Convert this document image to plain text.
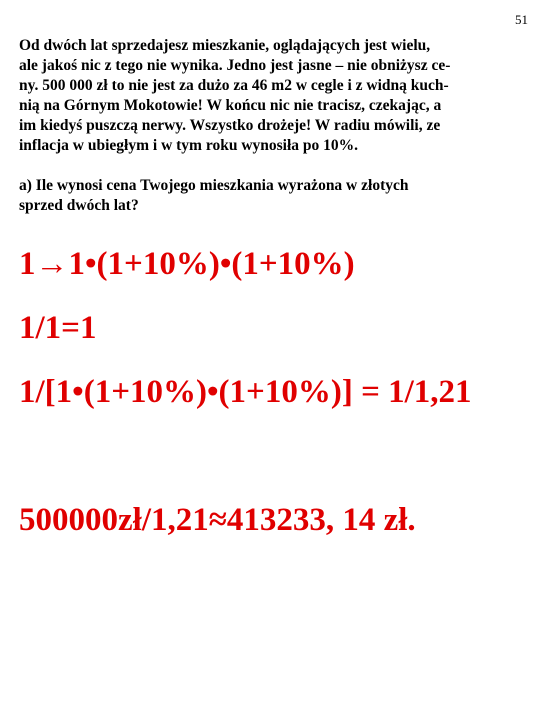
51

Od dwóch lat sprzedajesz mieszkanie, oglądających jest wielu,
ale jakoś nic z tego nie wynika. Jedno jest jasne – nie obniżysz ce-
ny. 500 000 zł to nie jest za dużo za 46 m2 w cegle i z widną kuch-
nią na Górnym Mokotowie! W końcu nic nie tracisz, czekając, a
im kiedyś puszczą nerwy. Wszystko drożeje! W radiu mówili, ze
inflacja w ubiegłym i w tym roku wynosiła po 10%.

a) Ile wynosi cena Twojego mieszkania wyrażona w złotych
sprzed dwóch lat?

1→1•(1+10%)•(1+10%)
1/1=1
1/[1•(1+10%)•(1+10%)] = 1/1,21
500000zł/1,21≈413233, 14 zł.
